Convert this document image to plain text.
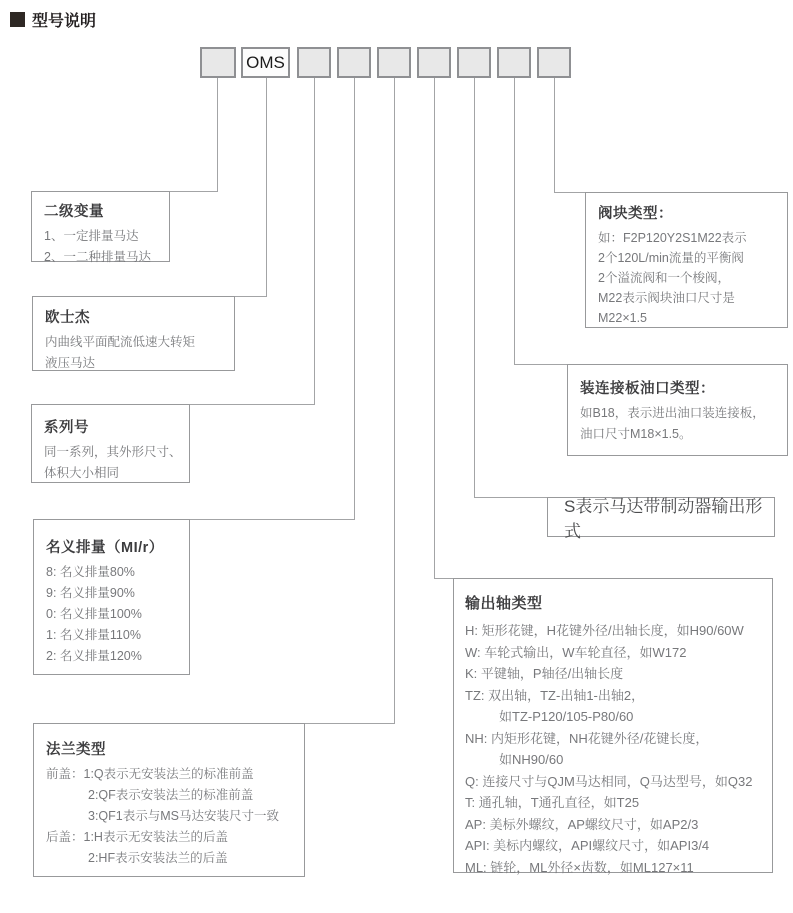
型号说明
OMS
二级变量
1、一定排量马达
2、一二种排量马达
欧士杰
内曲线平面配流低速大转矩
液压马达
系列号
同一系列，其外形尺寸、
体积大小相同
名义排量（MI/r）
8: 名义排量80%
9: 名义排量90%
0: 名义排量100%
1: 名义排量110%
2: 名义排量120%
法兰类型
前盖：1:Q表示无安装法兰的标准前盖
2:QF表示安装法兰的标准前盖
3:QF1表示与MS马达安装尺寸一致
后盖：1:H表示无安装法兰的后盖
2:HF表示安装法兰的后盖
阀块类型：
如：F2P120Y2S1M22表示
2个120L/min流量的平衡阀
2个溢流阀和一个梭阀，
M22表示阀块油口尺寸是
M22×1.5
装连接板油口类型：
如B18，表示进出油口装连接板，
油口尺寸M18×1.5。
S表示马达带制动器输出形式
输出轴类型
H: 矩形花键，H花键外径/出轴长度，如H90/60W
W: 车轮式输出，W车轮直径，如W172
K: 平键轴，P轴径/出轴长度
TZ: 双出轴，TZ-出轴1-出轴2，
如TZ-P120/105-P80/60
NH: 内矩形花键，NH花键外径/花键长度，
如NH90/60
Q: 连接尺寸与QJM马达相同，Q马达型号，如Q32
T: 通孔轴，T通孔直径，如T25
AP: 美标外螺纹，AP螺纹尺寸，如AP2/3
API: 美标内螺纹，API螺纹尺寸，如API3/4
ML: 链轮，ML外径×齿数，如ML127×11
